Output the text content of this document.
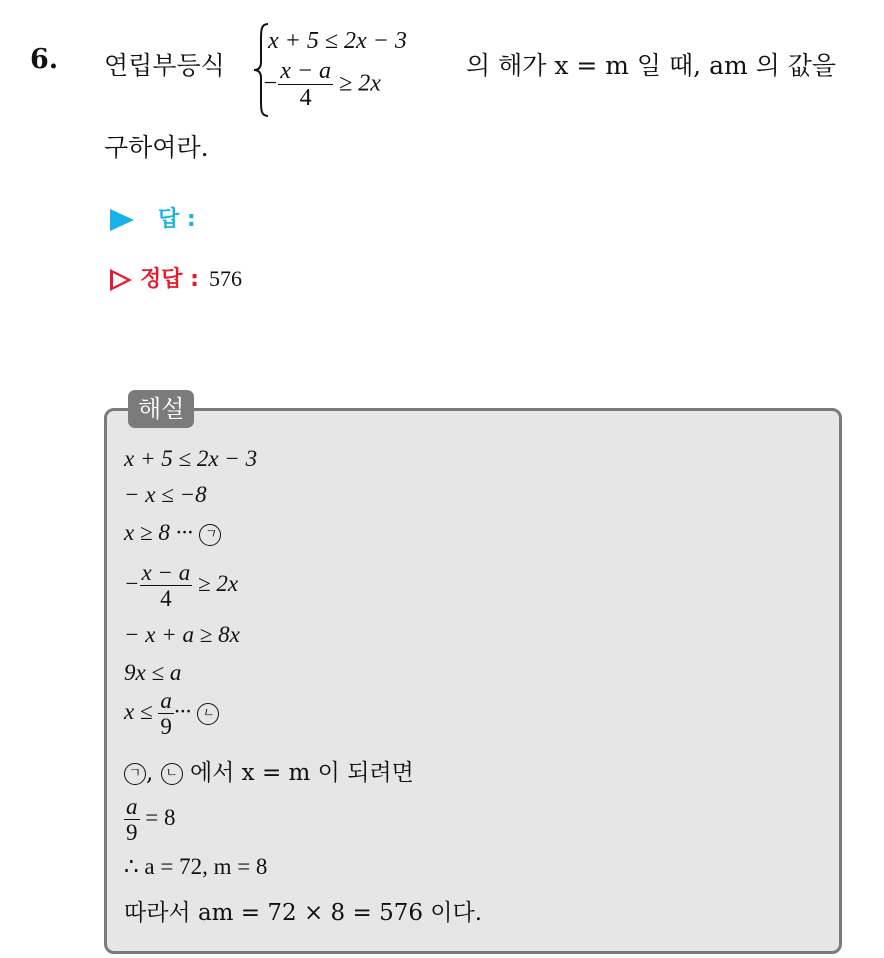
6. 연립부등식
x + 5 ≤ 2x − 3
− $\frac{x - a}{4} \ge 2x$
의 해가 x = m 일 때, am 의 값을
구하여라.
답 :
정답 : 576
해설
x + 5 ≤ 2x − 3
− x ≤ −8
x ≥ 8 ··· ㄱ
− $\frac{x - a}{4} \ge 2x$
− x + a ≥ 8x
9x ≤ a
$x \le \frac{a}{9}$ ··· ㄴ
ㄱ , ㄴ 에서 x = m 이 되려면
$\frac{a}{9} = 8$
∴ a = 72, m = 8
따라서 am = 72 × 8 = 576 이다.
